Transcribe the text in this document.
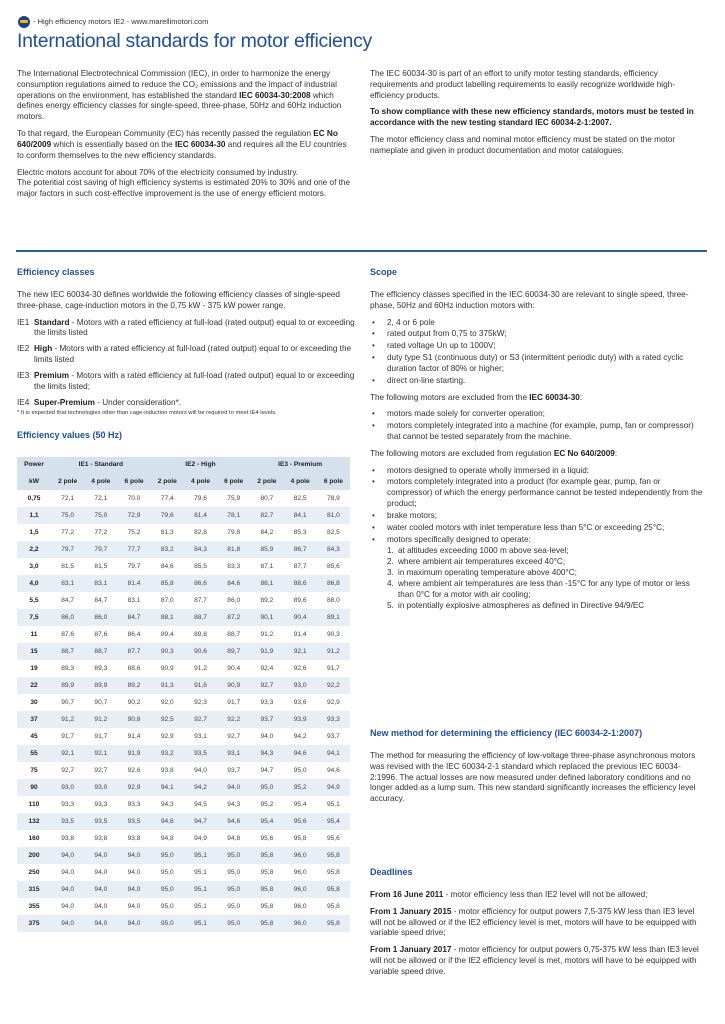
- High efficiency motors IE2 - www.marellimotori.com
International standards for motor efficiency

The International Electrotechnical Commission (IEC), in order to harmonize the energy consumption regulations aimed to reduce the CO₂ emissions and the impact of industrial operations on the environment, has established the standard IEC 60034-30:2008 which defines energy efficiency classes for single-speed, three-phase, 50Hz and 60Hz induction motors.

To that regard, the European Community (EC) has recently passed the regulation EC No 640/2009 which is essentially based on the IEC 60034-30 and requires all the EU countries to conform themselves to the new efficiency standards.

Electric motors account for about 70% of the electricity consumed by industry.
The potential cost saving of high efficiency systems is estimated 20% to 30% and one of the major factors in such cost-effective improvement is the use of energy efficient motors.

The IEC 60034-30 is part of an effort to unify motor testing standards, efficiency requirements and product labelling requirements to easily recognize worldwide high-efficiency products.

To show compliance with these new efficiency standards, motors must be tested in accordance with the new testing standard IEC 60034-2-1:2007.

The motor efficiency class and nominal motor efficiency must be stated on the motor nameplate and given in product documentation and motor catalogues.

Efficiency classes

The new IEC 60034-30 defines worldwide the following efficiency classes of single-speed three-phase, cage-induction motors in the 0,75 kW - 375 kW power range.

IE1 Standard - Motors with a rated efficiency at full-load (rated output) equal to or exceeding the limits listed
IE2 High - Motors with a rated efficiency at full-load (rated output) equal to or exceeding the limits listed
IE3 Premium - Motors with a rated efficiency at full-load (rated output) equal to or exceeding the limits listed;
IE4 Super-Premium - Under consideration*.
* It is expected that technologies other than cage-induction motors will be required to meet IE4 levels.
Efficiency values (50 Hz)
Power	IE1 - Standard			IE2 - High			IE3 - Premium		
kW	2 pole	4 pole	6 pole	2 pole	4 pole	6 pole	2 pole	4 pole	6 pole
0,75	72,1	72,1	70,0	77,4	79,6	75,9	80,7	82,5	78,9
1,1	75,0	75,0	72,9	79,6	81,4	78,1	82,7	84,1	81,0
1,5	77,2	77,2	75,2	81,3	82,8	79,8	84,2	85,3	82,5
2,2	79,7	79,7	77,7	83,2	84,3	81,8	85,9	86,7	84,3
3,0	81,5	81,5	79,7	84,6	85,5	83,3	87,1	87,7	85,6
4,0	83,1	83,1	81,4	85,8	86,6	84,6	88,1	88,6	86,8
5,5	84,7	84,7	83,1	87,0	87,7	86,0	89,2	89,6	88,0
7,5	86,0	86,0	84,7	88,1	88,7	87,2	90,1	90,4	89,1
11	87,6	87,6	86,4	89,4	89,8	88,7	91,2	91,4	90,3
15	88,7	88,7	87,7	90,3	90,6	89,7	91,9	92,1	91,2
19	89,3	89,3	88,6	90,9	91,2	90,4	92,4	92,6	91,7
22	89,9	89,9	89,2	91,3	91,6	90,9	92,7	93,0	92,2
30	90,7	90,7	90,2	92,0	92,3	91,7	93,3	93,6	92,9
37	91,2	91,2	90,8	92,5	92,7	92,2	93,7	93,9	93,3
45	91,7	91,7	91,4	92,9	93,1	92,7	94,0	94,2	93,7
55	92,1	92,1	91,9	93,2	93,5	93,1	94,3	94,6	94,1
75	92,7	92,7	92,6	93,8	94,0	93,7	94,7	95,0	94,6
90	93,0	93,0	92,9	94,1	94,2	94,0	95,0	95,2	94,9
110	93,3	93,3	93,3	94,3	94,5	94,3	95,2	95,4	95,1
132	93,5	93,5	93,5	94,6	94,7	94,6	95,4	95,6	95,4
160	93,8	93,8	93,8	94,8	94,9	94,8	95,6	95,8	95,6
200	94,0	94,0	94,0	95,0	95,1	95,0	95,8	96,0	95,8
250	94,0	94,0	94,0	95,0	95,1	95,0	95,8	96,0	95,8
315	94,0	94,0	94,0	95,0	95,1	95,0	95,8	96,0	95,8
355	94,0	94,0	94,0	95,0	95,1	95,0	95,8	96,0	95,8
375	94,0	94,0	94,0	95,0	95,1	95,0	95,8	96,0	95,8
Scope

The efficiency classes specified in the IEC 60034-30 are relevant to single speed, three-phase, 50Hz and 60Hz induction motors with:

• 2, 4 or 6 pole
• rated output from 0,75 to 375kW;
• rated voltage Un up to 1000V;
• duty type S1 (continuous duty) or S3 (intermittent periodic duty) with a rated cyclic duration factor of 80% or higher;
• direct on-line starting.

The following motors are excluded from the IEC 60034-30:

• motors made solely for converter operation;
• motors completely integrated into a machine (for example, pump, fan or compressor) that cannot be tested separately from the machine.

The following motors are excluded from regulation EC No 640/2009:

• motors designed to operate wholly immersed in a liquid;
• motors completely integrated into a product (for example gear, pump, fan or compressor) of which the energy performance cannot be tested independently from the product;
• brake motors;
• water cooled motors with inlet temperature less than 5°C or exceeding 25°C;
• motors specifically designed to operate:
1. at altitudes exceeding 1000 m above sea-level;
2. where ambient air temperatures exceed 40°C;
3. in maximum operating temperature above 400°C;
4. where ambient air temperatures are less than -15°C for any type of motor or less than 0°C for a motor with air cooling;
5. in potentially explosive atmospheres as defined in Directive 94/9/EC
New method for determining the efficiency (IEC 60034-2-1:2007)

The method for measuring the efficiency of low-voltage three-phase asynchronous motors was revised with the IEC 60034-2-1 standard which replaced the previous IEC 60034-2:1996. The actual losses are now measured under defined laboratory conditions and no longer added as a lump sum. This new standard significantly increases the efficiency level accuracy.

Deadlines

From 16 June 2011 - motor efficiency less than IE2 level will not be allowed;

From 1 January 2015 - motor efficiency for output powers 7,5-375 kW less than IE3 level will not be allowed or if the IE2 efficiency level is met, motors will have to be equipped with variable speed drive;

From 1 January 2017 - motor efficiency for output powers 0,75-375 kW less than IE3 level will not be allowed or if the IE2 efficiency level is met, motors will have to be equipped with variable speed drive.
